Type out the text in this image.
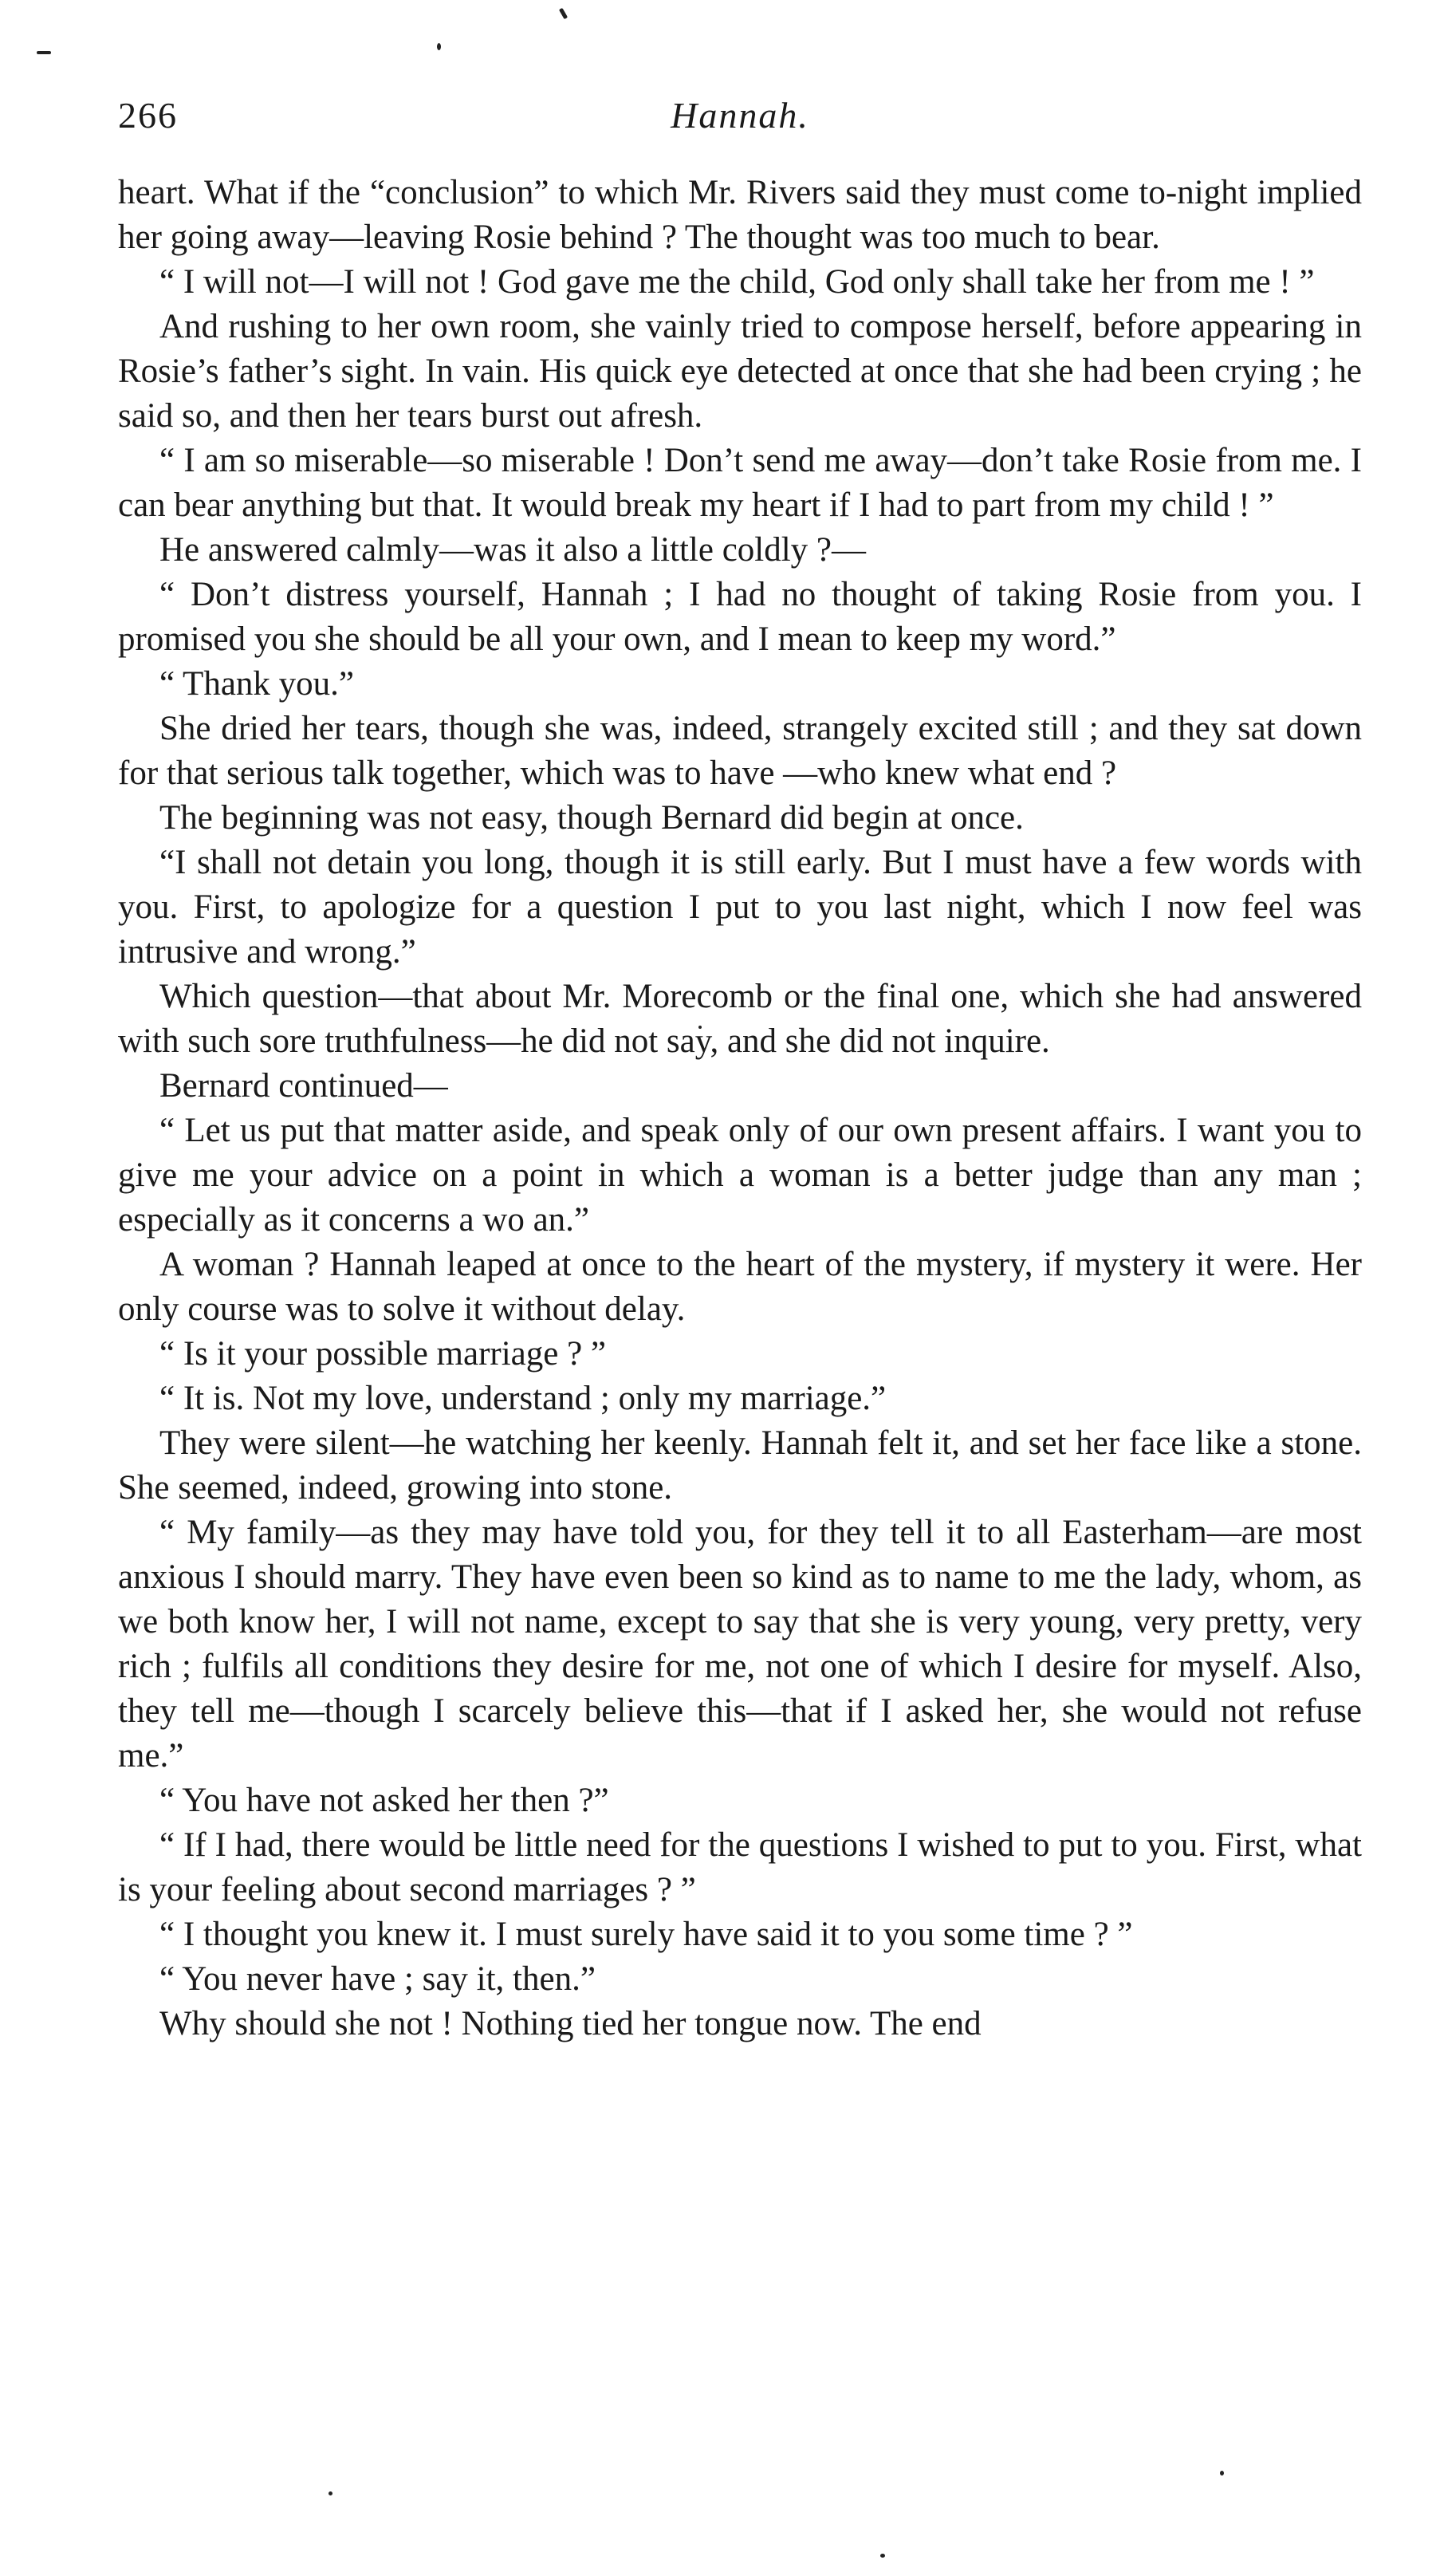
266	Hannah.

heart. What if the “conclusion” to which Mr. Rivers said they must come to-night implied her going away—leaving Rosie behind ? The thought was too much to bear.

“ I will not—I will not ! God gave me the child, God only shall take her from me ! ”

And rushing to her own room, she vainly tried to compose herself, before appearing in Rosie’s father’s sight. In vain. His quick eye detected at once that she had been crying ; he said so, and then her tears burst out afresh.

“ I am so miserable—so miserable ! Don’t send me away—don’t take Rosie from me. I can bear anything but that. It would break my heart if I had to part from my child ! ”

He answered calmly—was it also a little coldly ?—

“ Don’t distress yourself, Hannah ; I had no thought of taking Rosie from you. I promised you she should be all your own, and I mean to keep my word.”

“ Thank you.”

She dried her tears, though she was, indeed, strangely excited still ; and they sat down for that serious talk together, which was to have —who knew what end ?

The beginning was not easy, though Bernard did begin at once.

“I shall not detain you long, though it is still early. But I must have a few words with you. First, to apologize for a question I put to you last night, which I now feel was intrusive and wrong.”

Which question—that about Mr. Morecomb or the final one, which she had answered with such sore truthfulness—he did not say, and she did not inquire.

Bernard continued—

“ Let us put that matter aside, and speak only of our own present affairs. I want you to give me your advice on a point in which a woman is a better judge than any man ; especially as it concerns a wo an.”

A woman ? Hannah leaped at once to the heart of the mystery, if mystery it were. Her only course was to solve it without delay.

“ Is it your possible marriage ? ”

“ It is. Not my love, understand ; only my marriage.”

They were silent—he watching her keenly. Hannah felt it, and set her face like a stone. She seemed, indeed, growing into stone.

“ My family—as they may have told you, for they tell it to all Easterham—are most anxious I should marry. They have even been so kind as to name to me the lady, whom, as we both know her, I will not name, except to say that she is very young, very pretty, very rich ; fulfils all conditions they desire for me, not one of which I desire for myself. Also, they tell me—though I scarcely believe this—that if I asked her, she would not refuse me.”

“ You have not asked her then ?”

“ If I had, there would be little need for the questions I wished to put to you. First, what is your feeling about second marriages ? ”

“ I thought you knew it. I must surely have said it to you some time ? ”

“ You never have ; say it, then.”

Why should she not ! Nothing tied her tongue now. The end
